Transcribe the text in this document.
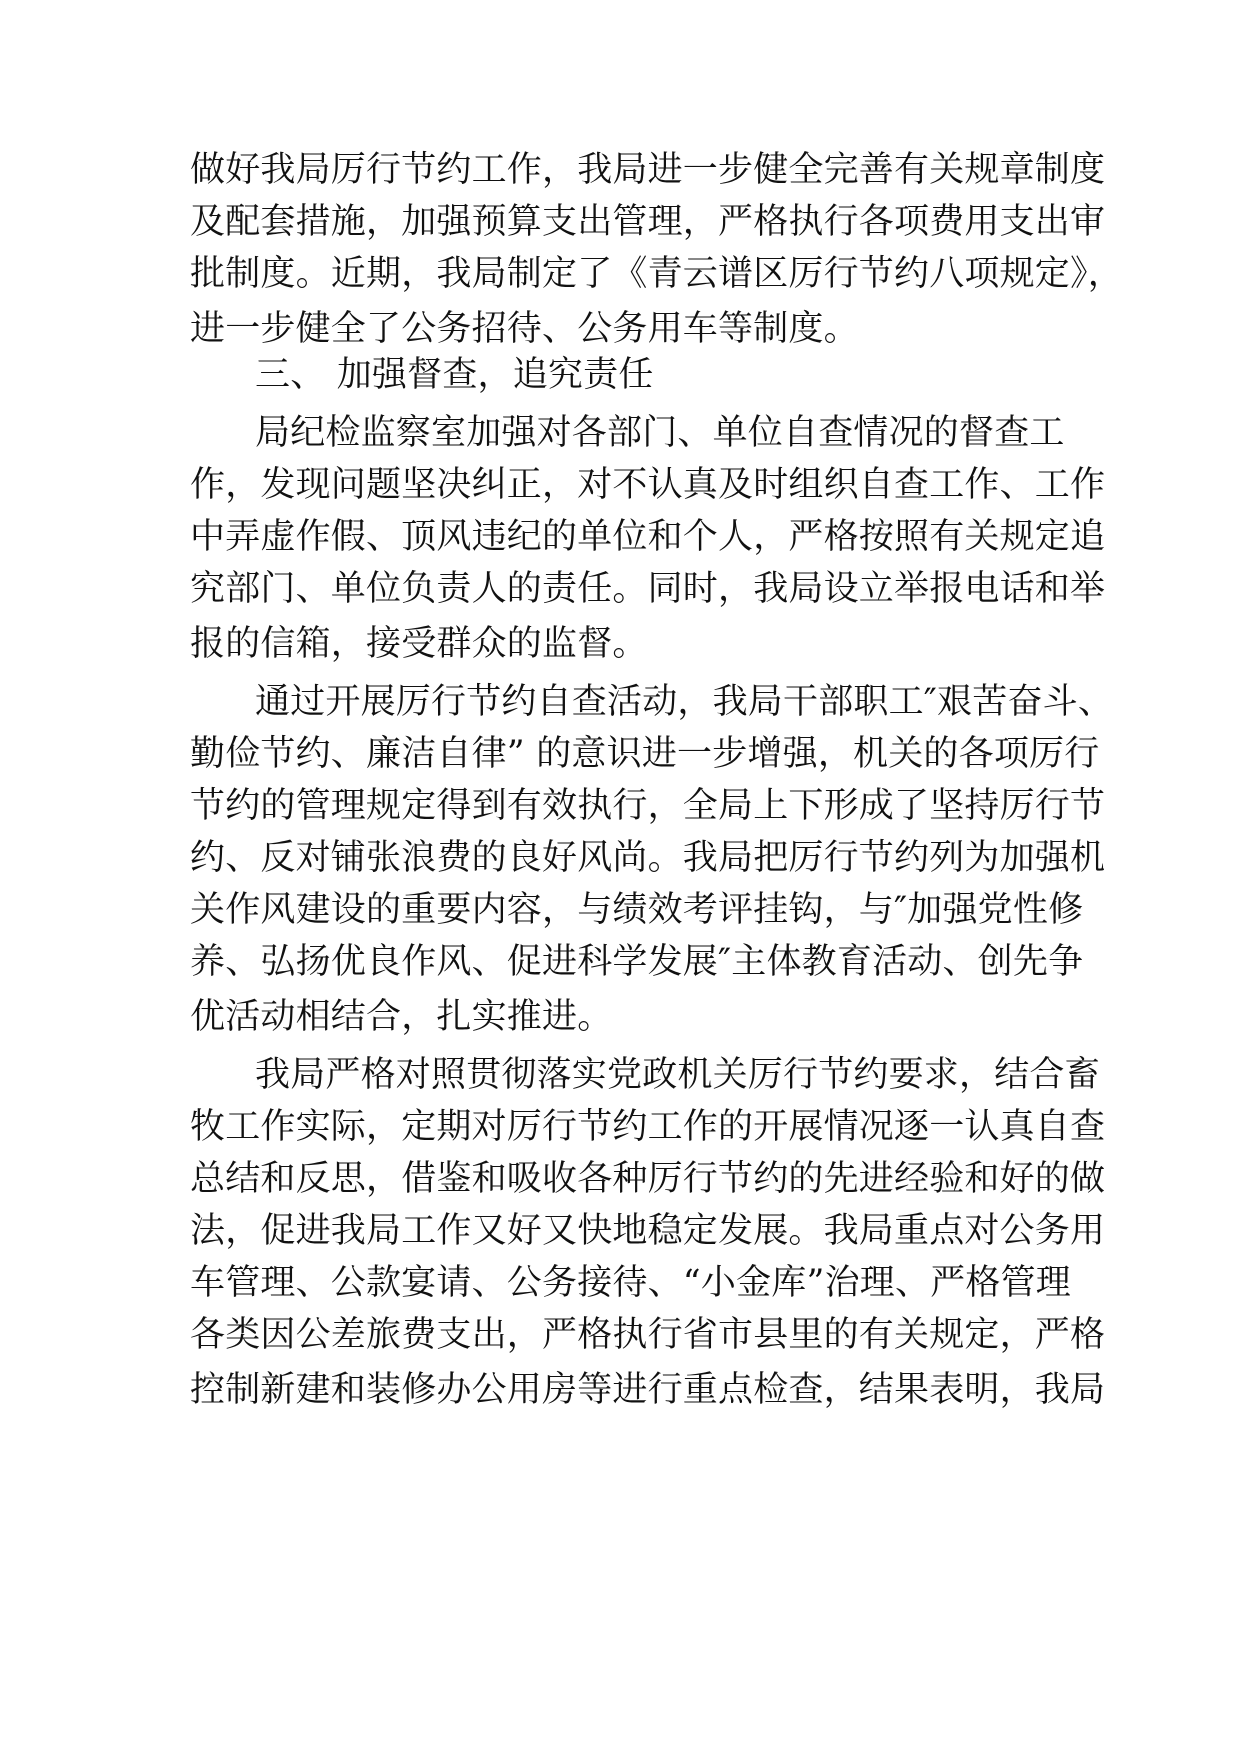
做好我局厉行节约工作，我局进一步健全完善有关规章制度
及配套措施，加强预算支出管理，严格执行各项费用支出审
批制度。近期，我局制定了《青云谱区厉行节约八项规定》，
进一步健全了公务招待、公务用车等制度。
三、 加强督查，追究责任
局纪检监察室加强对各部门、单位自查情况的督查工
作，发现问题坚决纠正，对不认真及时组织自查工作、工作
中弄虚作假、顶风违纪的单位和个人，严格按照有关规定追
究部门、单位负责人的责任。同时，我局设立举报电话和举
报的信箱，接受群众的监督。
通过开展厉行节约自查活动，我局干部职工″艰苦奋斗、
勤俭节约、廉洁自律” 的意识进一步增强，机关的各项厉行
节约的管理规定得到有效执行，全局上下形成了坚持厉行节
约、反对铺张浪费的良好风尚。我局把厉行节约列为加强机
关作风建设的重要内容，与绩效考评挂钩，与″加强党性修
养、弘扬优良作风、促进科学发展″主体教育活动、创先争
优活动相结合，扎实推进。
我局严格对照贯彻落实党政机关厉行节约要求，结合畜
牧工作实际，定期对厉行节约工作的开展情况逐一认真自查
总结和反思，借鉴和吸收各种厉行节约的先进经验和好的做
法，促进我局工作又好又快地稳定发展。我局重点对公务用
车管理、公款宴请、公务接待、“小金库”治理、严格管理
各类因公差旅费支出，严格执行省市县里的有关规定，严格
控制新建和装修办公用房等进行重点检查，结果表明，我局
